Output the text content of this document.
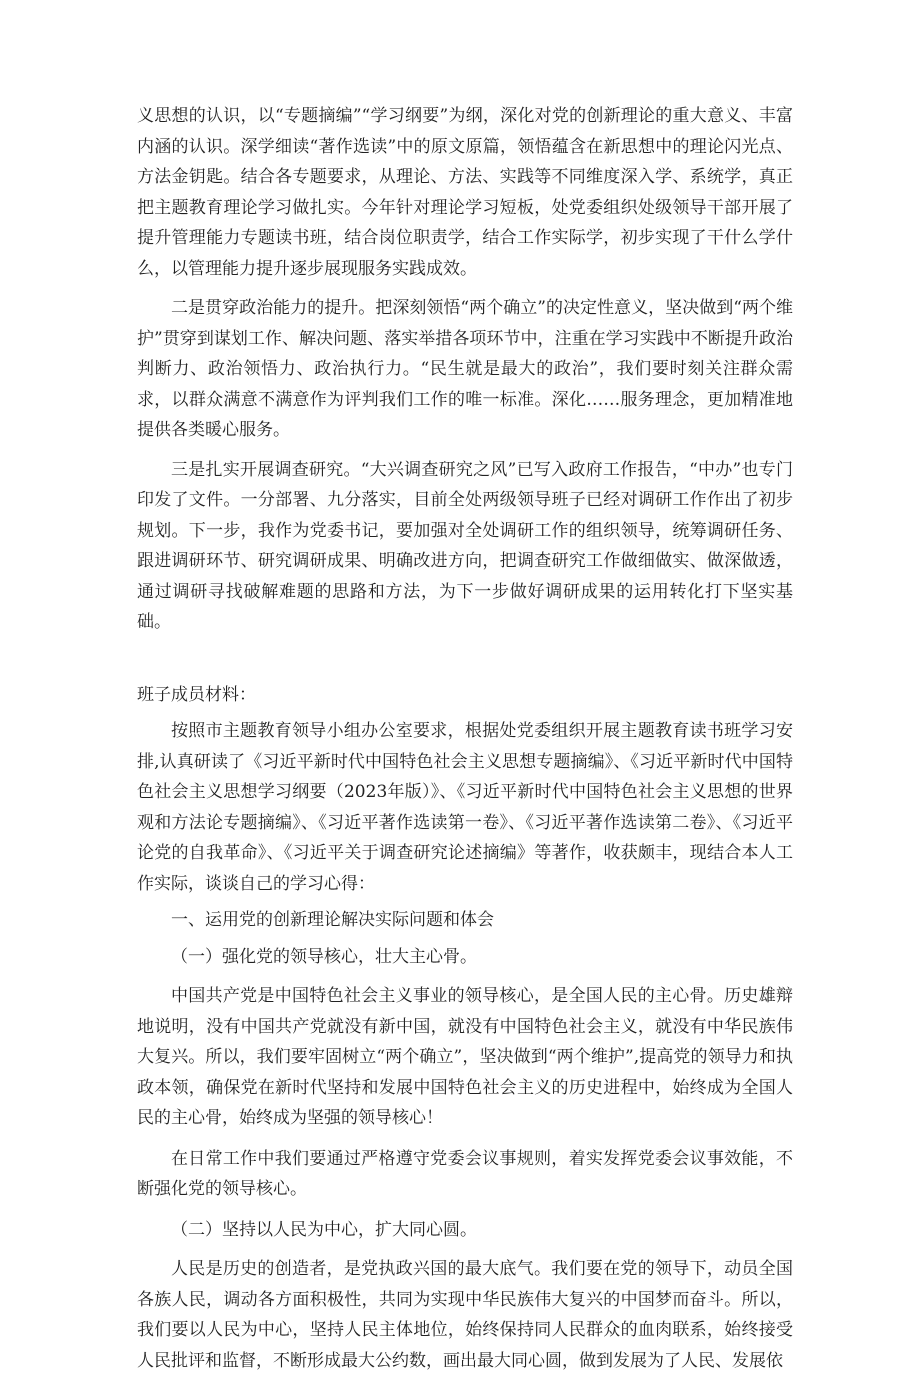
义思想的认识，以“专题摘编”“学习纲要”为纲，深化对党的创新理论的重大意义、丰富内涵的认识。深学细读“著作选读”中的原文原篇，领悟蕴含在新思想中的理论闪光点、方法金钥匙。结合各专题要求，从理论、方法、实践等不同维度深入学、系统学，真正把主题教育理论学习做扎实。今年针对理论学习短板，处党委组织处级领导干部开展了提升管理能力专题读书班，结合岗位职责学，结合工作实际学，初步实现了干什么学什么，以管理能力提升逐步展现服务实践成效。

二是贯穿政治能力的提升。把深刻领悟“两个确立”的决定性意义，坚决做到“两个维护”贯穿到谋划工作、解决问题、落实举措各项环节中，注重在学习实践中不断提升政治判断力、政治领悟力、政治执行力。“民生就是最大的政治”，我们要时刻关注群众需求，以群众满意不满意作为评判我们工作的唯一标准。深化……服务理念，更加精准地提供各类暖心服务。

三是扎实开展调查研究。“大兴调查研究之风”已写入政府工作报告，“中办”也专门印发了文件。一分部署、九分落实，目前全处两级领导班子已经对调研工作作出了初步规划。下一步，我作为党委书记，要加强对全处调研工作的组织领导，统筹调研任务、跟进调研环节、研究调研成果、明确改进方向，把调查研究工作做细做实、做深做透，通过调研寻找破解难题的思路和方法，为下一步做好调研成果的运用转化打下坚实基础。

班子成员材料：

按照市主题教育领导小组办公室要求，根据处党委组织开展主题教育读书班学习安排,认真研读了《习近平新时代中国特色社会主义思想专题摘编》、《习近平新时代中国特色社会主义思想学习纲要（2023年版）》、《习近平新时代中国特色社会主义思想的世界观和方法论专题摘编》、《习近平著作选读第一卷》、《习近平著作选读第二卷》、《习近平论党的自我革命》、《习近平关于调查研究论述摘编》等著作，收获颇丰，现结合本人工作实际，谈谈自己的学习心得：

一、运用党的创新理论解决实际问题和体会

（一）强化党的领导核心，壮大主心骨。

中国共产党是中国特色社会主义事业的领导核心，是全国人民的主心骨。历史雄辩地说明，没有中国共产党就没有新中国，就没有中国特色社会主义，就没有中华民族伟大复兴。所以，我们要牢固树立“两个确立”，坚决做到“两个维护”,提高党的领导力和执政本领，确保党在新时代坚持和发展中国特色社会主义的历史进程中，始终成为全国人民的主心骨，始终成为坚强的领导核心！

在日常工作中我们要通过严格遵守党委会议事规则，着实发挥党委会议事效能，不断强化党的领导核心。

（二）坚持以人民为中心，扩大同心圆。

人民是历史的创造者，是党执政兴国的最大底气。我们要在党的领导下，动员全国各族人民，调动各方面积极性，共同为实现中华民族伟大复兴的中国梦而奋斗。所以，我们要以人民为中心，坚持人民主体地位，始终保持同人民群众的血肉联系，始终接受人民批评和监督，不断形成最大公约数，画出最大同心圆，做到发展为了人民、发展依
